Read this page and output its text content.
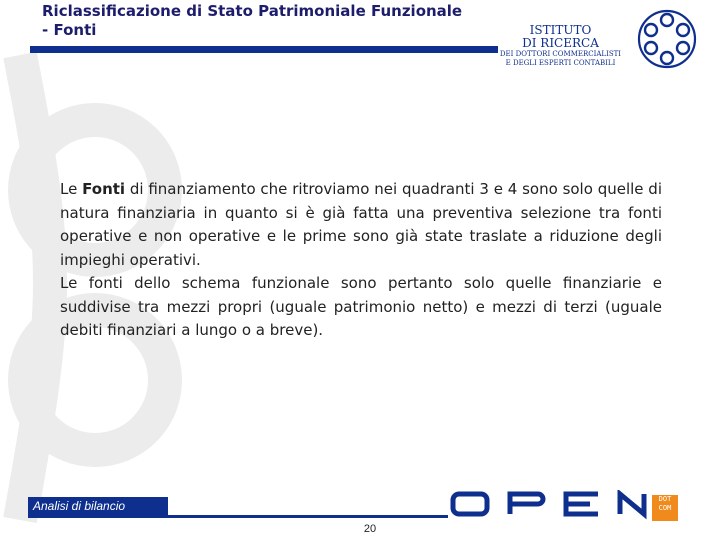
Riclassificazione di Stato Patrimoniale Funzionale
- Fonti	ISTITUTO
DI RICERCA
DEI DOTTORI COMMERCIALISTI
E DEGLI ESPERTI CONTABILI

Le Fonti di finanziamento che ritroviamo nei quadranti 3 e 4 sono solo quelle di natura finanziaria in quanto si è già fatta una preventiva selezione tra fonti operative e non operative e le prime sono già state traslate a riduzione degli impieghi operativi.

Le fonti dello schema funzionale sono pertanto solo quelle finanziarie e suddivise tra mezzi propri (uguale patrimonio netto) e mezzi di terzi (uguale debiti finanziari a lungo o a breve).

Analisi di bilancio	DOT
COM
20
